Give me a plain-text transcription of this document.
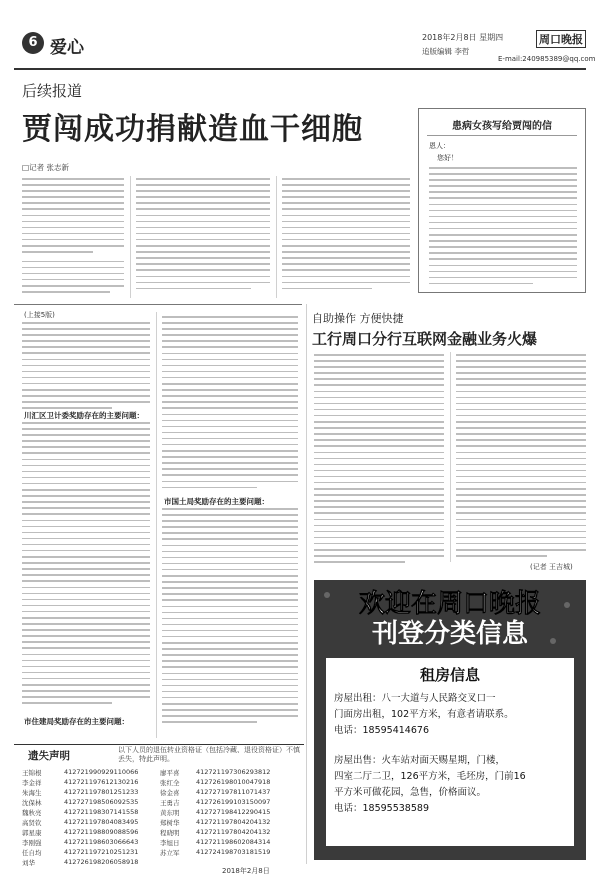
6 爱心
2018年2月8日 星期四	周口晚报
追版编辑 李哲
E-mail:240985389@qq.com
后续报道
贾闯成功捐献造血干细胞
□记者 张志新
患病女孩写给贾闯的信
恩人：
您好！
(上接5版)
川汇区卫计委奖励存在的主要问题：
市国土局奖励存在的主要问题：
市住建局奖励存在的主要问题：
自助操作 方便快捷
工行周口分行互联网金融业务火爆
(记者 王吉城)
欢迎在周口晚报
刊登分类信息
租房信息
房屋出租：八一大道与人民路交叉口一
门面房出租，102平方米，有意者请联系。
电话：18595414676
房屋出售：火车站对面天赐星期，门楼，
四室二厅二卫，126平方米，毛坯房，门前16
平方米可做花园，急售，价格面议。
电话：18595538589
刊登广告请联系电话：13592221006
遗失声明	以下人员的退伍转业资格证（包括冷藏、退役资格证）不慎丢失，特此声明。
王锦根	412721990929110066	廖平喜	412721197306293812
李金祥	412721197612130216	张红全	412726198010047918
朱海生	412721197801251233	徐金喜	412727197811071437
沈保林	412727198506092535	王勇吉	412726199103150097
魏秋亮	412721198307141558	黄东明	412727198412290415
高贤钦	412721197804083495	郑树华	412721197804204132
郭星康	412721198809088596	程晓明	412721197804204132
李刚强	412721198603066643	李旭日	412721198602084314
任自均	412721197210251231	苏立军	412724198703181519
刘华	412726198206058918
2018年2月8日
